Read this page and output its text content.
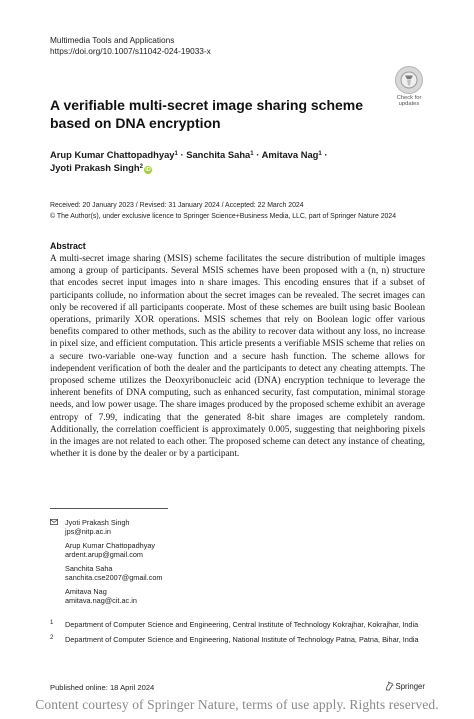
Multimedia Tools and Applications
https://doi.org/10.1007/s11042-024-19033-x
Check for
updates
A verifiable multi-secret image sharing scheme based on DNA encryption
Arup Kumar Chattopadhyay$^1$ · Sanchita Saha$^1$ · Amitava Nag$^1$ ·
Jyoti Prakash Singh$^2$ iD
Received: 20 January 2023 / Revised: 31 January 2024 / Accepted: 22 March 2024
© The Author(s), under exclusive licence to Springer Science+Business Media, LLC, part of Springer Nature 2024
Abstract
A multi-secret image sharing (MSIS) scheme facilitates the secure distribution of multiple images among a group of participants. Several MSIS schemes have been proposed with a (n, n) structure that encodes secret input images into n share images. This encoding ensures that if a subset of participants collude, no information about the secret images can be revealed. The secret images can only be recovered if all participants cooperate. Most of these schemes are built using basic Boolean operations, primarily XOR operations. MSIS schemes that rely on Boolean logic offer various benefits compared to other methods, such as the ability to recover data without any loss, no increase in pixel size, and efficient computation. This article presents a verifiable MSIS scheme that relies on a secure two-variable one-way function and a secure hash function. The scheme allows for independent verification of both the dealer and the participants to detect any cheating attempts. The proposed scheme utilizes the Deoxyribonucleic acid (DNA) encryption technique to leverage the inherent benefits of DNA computing, such as enhanced security, fast computation, minimal storage needs, and low power usage. The share images produced by the proposed scheme exhibit an average entropy of 7.99, indicating that the generated 8-bit share images are completely random. Additionally, the correlation coefficient is approximately 0.005, suggesting that neighboring pixels in the images are not related to each other. The proposed scheme can detect any instance of cheating, whether it is done by the dealer or by a participant.
Jyoti Prakash Singh
jps@nitp.ac.in
Arup Kumar Chattopadhyay
ardent.arup@gmail.com
Sanchita Saha
sanchita.cse2007@gmail.com
Amitava Nag
amitava.nag@cit.ac.in
1 Department of Computer Science and Engineering, Central Institute of Technology Kokrajhar, Kokrajhar, India
2 Department of Computer Science and Engineering, National Institute of Technology Patna, Patna, Bihar, India
Published online: 18 April 2024	Springer
Content courtesy of Springer Nature, terms of use apply. Rights reserved.
